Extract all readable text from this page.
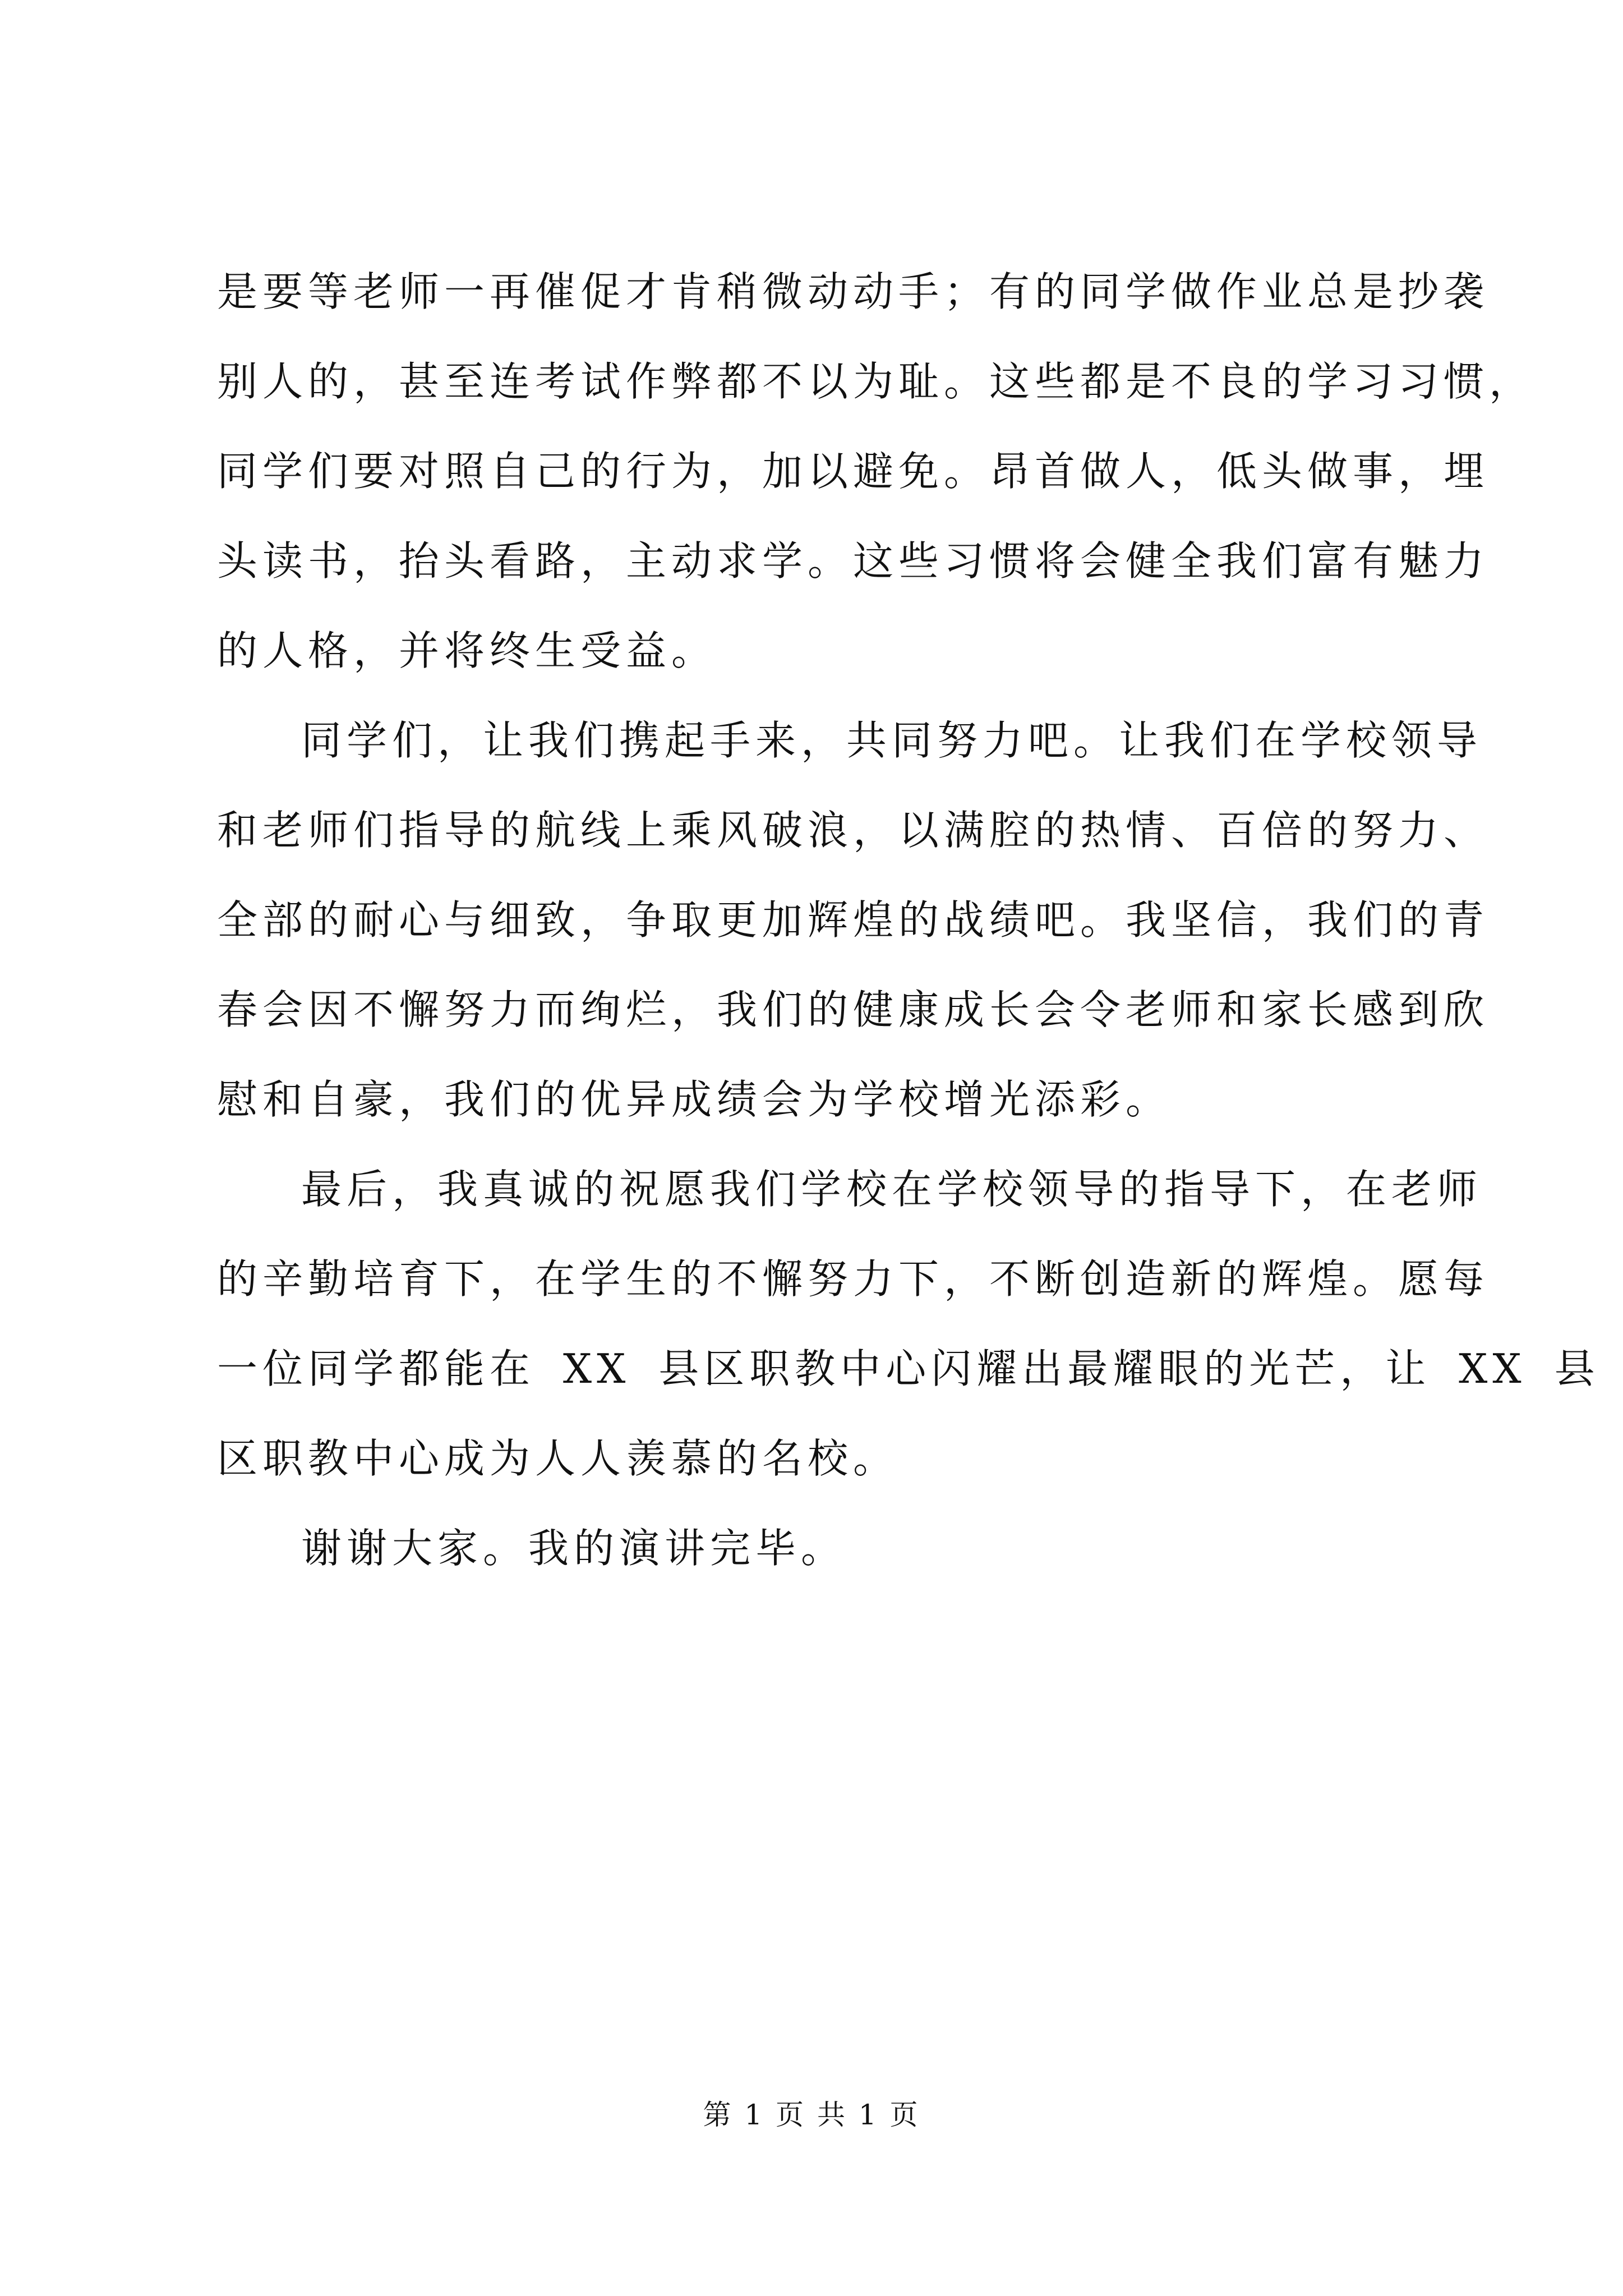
是要等老师一再催促才肯稍微动动手；有的同学做作业总是抄袭
别人的，甚至连考试作弊都不以为耻。这些都是不良的学习习惯，
同学们要对照自己的行为，加以避免。昂首做人，低头做事，埋
头读书，抬头看路，主动求学。这些习惯将会健全我们富有魅力
的人格，并将终生受益。
同学们，让我们携起手来，共同努力吧。让我们在学校领导
和老师们指导的航线上乘风破浪，以满腔的热情、百倍的努力、
全部的耐心与细致，争取更加辉煌的战绩吧。我坚信，我们的青
春会因不懈努力而绚烂，我们的健康成长会令老师和家长感到欣
慰和自豪，我们的优异成绩会为学校增光添彩。
最后，我真诚的祝愿我们学校在学校领导的指导下，在老师
的辛勤培育下，在学生的不懈努力下，不断创造新的辉煌。愿每
一位同学都能在 XX 县区职教中心闪耀出最耀眼的光芒，让 XX 县
区职教中心成为人人羡慕的名校。
谢谢大家。我的演讲完毕。
第 1 页 共 1 页
